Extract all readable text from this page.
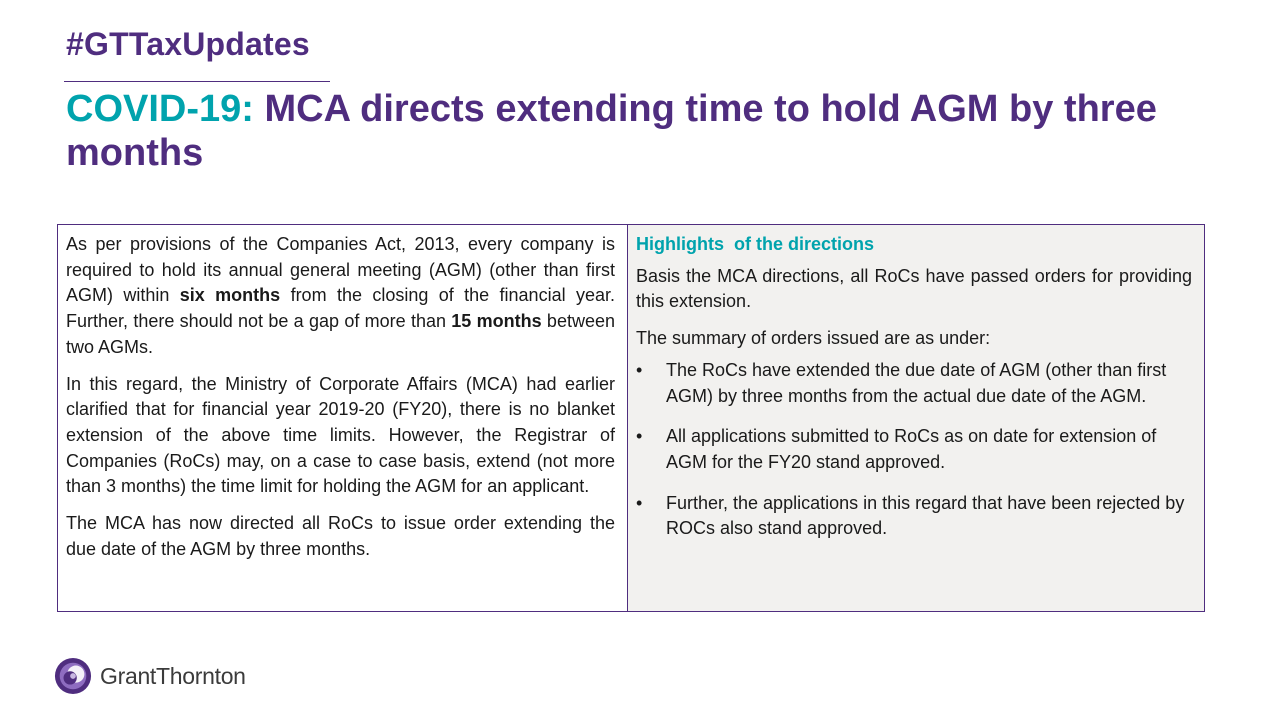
#GTTaxUpdates
COVID-19: MCA directs extending time to hold AGM by three months

As per provisions of the Companies Act, 2013, every company is required to hold its annual general meeting (AGM) (other than first AGM) within six months from the closing of the financial year. Further, there should not be a gap of more than 15 months between two AGMs.

In this regard, the Ministry of Corporate Affairs (MCA) had earlier clarified that for financial year 2019-20 (FY20), there is no blanket extension of the above time limits. However, the Registrar of Companies (RoCs) may, on a case to case basis, extend (not more than 3 months) the time limit for holding the AGM for an applicant.

The MCA has now directed all RoCs to issue order extending the due date of the AGM by three months.

Highlights  of the directions

Basis the MCA directions, all RoCs have passed orders for providing this extension.

The summary of orders issued are as under:

• The RoCs have extended the due date of AGM (other than first AGM) by three months from the actual due date of the AGM.
• All applications submitted to RoCs as on date for extension of AGM for the FY20 stand approved.
• Further, the applications in this regard that have been rejected by ROCs also stand approved.
GrantThornton
